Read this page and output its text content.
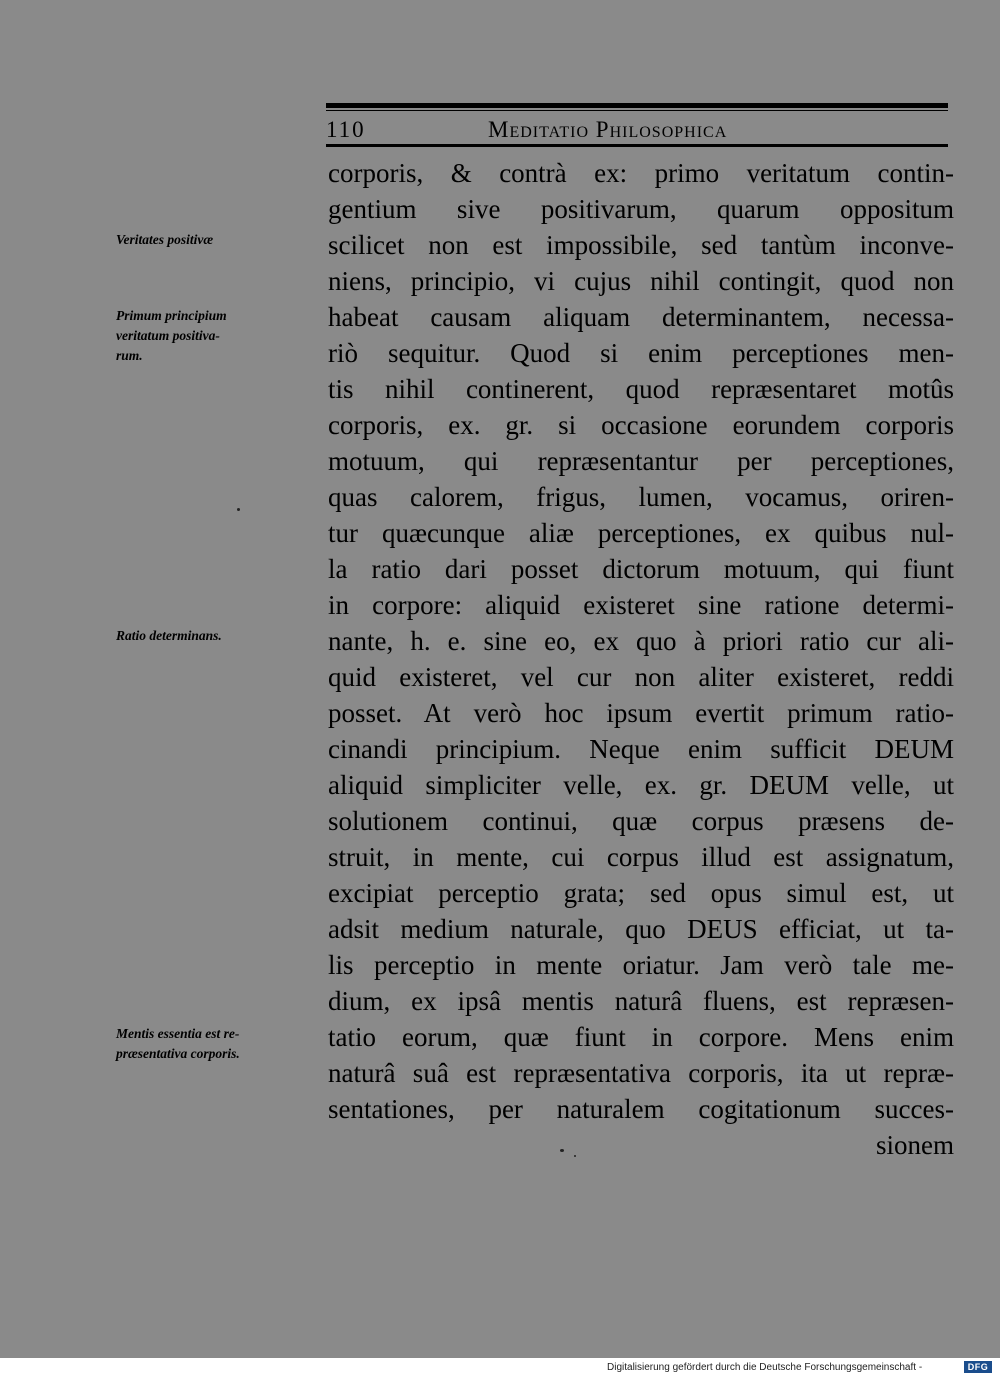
110	Meditatio Philosophica
Veritates positivæ
Primum principium
veritatum positiva-
rum.
Ratio determinans.
Mentis essentia est re-
præsentativa corporis.
corporis, & contrà ex: primo veritatum contin-
gentium sive positivarum, quarum oppositum
scilicet non est impossibile, sed tantùm inconve-
niens, principio, vi cujus nihil contingit, quod non
habeat causam aliquam determinantem, necessa-
riò sequitur. Quod si enim perceptiones men-
tis nihil continerent, quod repræsentaret motûs
corporis, ex. gr. si occasione eorundem corporis
motuum, qui repræsentantur per perceptiones,
quas calorem, frigus, lumen, vocamus, oriren-
tur quæcunque aliæ perceptiones, ex quibus nul-
la ratio dari posset dictorum motuum, qui fiunt
in corpore: aliquid existeret sine ratione determi-
nante, h. e. sine eo, ex quo à priori ratio cur ali-
quid existeret, vel cur non aliter existeret, reddi
posset. At verò hoc ipsum evertit primum ratio-
cinandi principium. Neque enim sufficit DEUM
aliquid simpliciter velle, ex. gr. DEUM velle, ut
solutionem continui, quæ corpus præsens de-
struit, in mente, cui corpus illud est assignatum,
excipiat perceptio grata; sed opus simul est, ut
adsit medium naturale, quo DEUS efficiat, ut ta-
lis perceptio in mente oriatur. Jam verò tale me-
dium, ex ipsâ mentis naturâ fluens, est repræsen-
tatio eorum, quæ fiunt in corpore. Mens enim
naturâ suâ est repræsentativa corporis, ita ut repræ-
sentationes, per naturalem cogitationum succes-
sionem
Digitalisierung gefördert durch die Deutsche Forschungsgemeinschaft -	DFG
